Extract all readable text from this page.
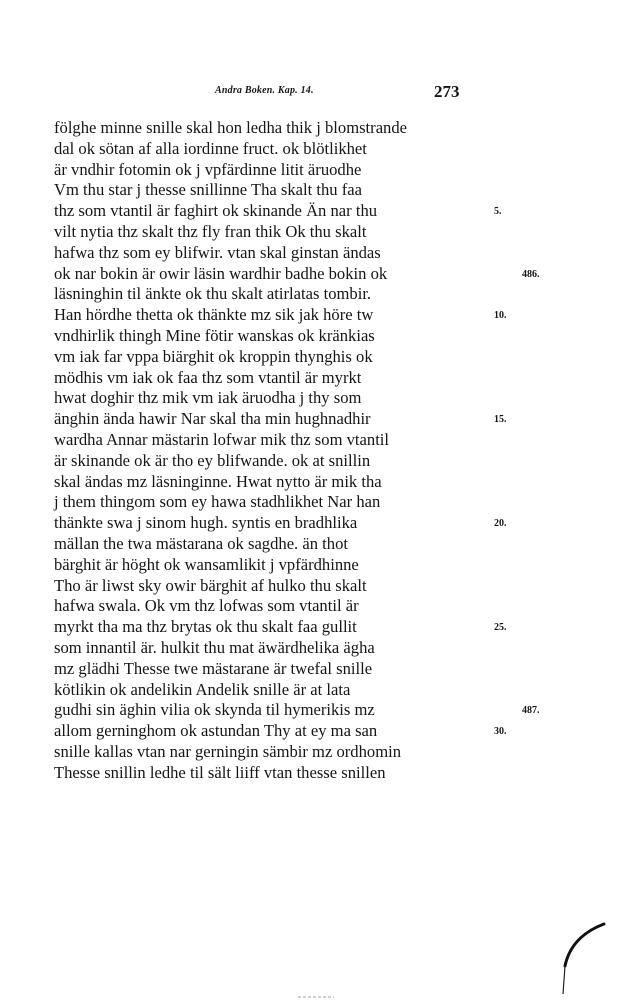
Andra Boken. Kap. 14.	273
fölghe minne snille skal hon ledha thik j blomstrande
dal ok sötan af alla iordinne fruct. ok blötlikhet
är vndhir fotomin ok j vpfärdinne litit äruodhe
Vm thu star j thesse snillinne Tha skalt thu faa
thz som vtantil är faghirt ok skinande Än nar thu
vilt nytia thz skalt thz fly fran thik Ok thu skalt
hafwa thz som ey blifwir. vtan skal ginstan ändas
ok nar bokin är owir läsin wardhir badhe bokin ok
läsninghin til änkte ok thu skalt atirlatas tombir.
Han hördhe thetta ok thänkte mz sik jak höre tw
vndhirlik thingh Mine fötir wanskas ok kränkias
vm iak far vppa biärghit ok kroppin thynghis ok
mödhis vm iak ok faa thz som vtantil är myrkt
hwat doghir thz mik vm iak äruodha j thy som
änghin ända hawir Nar skal tha min hughnadhir
wardha Annar mästarin lofwar mik thz som vtantil
är skinande ok är tho ey blifwande. ok at snillin
skal ändas mz läsninginne. Hwat nytto är mik tha
j them thingom som ey hawa stadhlikhet Nar han
thänkte swa j sinom hugh. syntis en bradhlika
mällan the twa mästarana ok sagdhe. än thot
bärghit är höght ok wansamlikit j vpfärdhinne
Tho är liwst sky owir bärghit af hulko thu skalt
hafwa swala. Ok vm thz lofwas som vtantil är
myrkt tha ma thz brytas ok thu skalt faa gullit
som innantil är. hulkit thu mat äwärdhelika ägha
mz glädhi Thesse twe mästarane är twefal snille
kötlikin ok andelikin Andelik snille är at lata
gudhi sin äghin vilia ok skynda til hymerikis mz
allom gerninghom ok astundan Thy at ey ma san
snille kallas vtan nar gerningin sämbir mz ordhomin
Thesse snillin ledhe til sält liiff vtan thesse snillen
5.
10.
15.
20.
25.
30.
486.
487.
